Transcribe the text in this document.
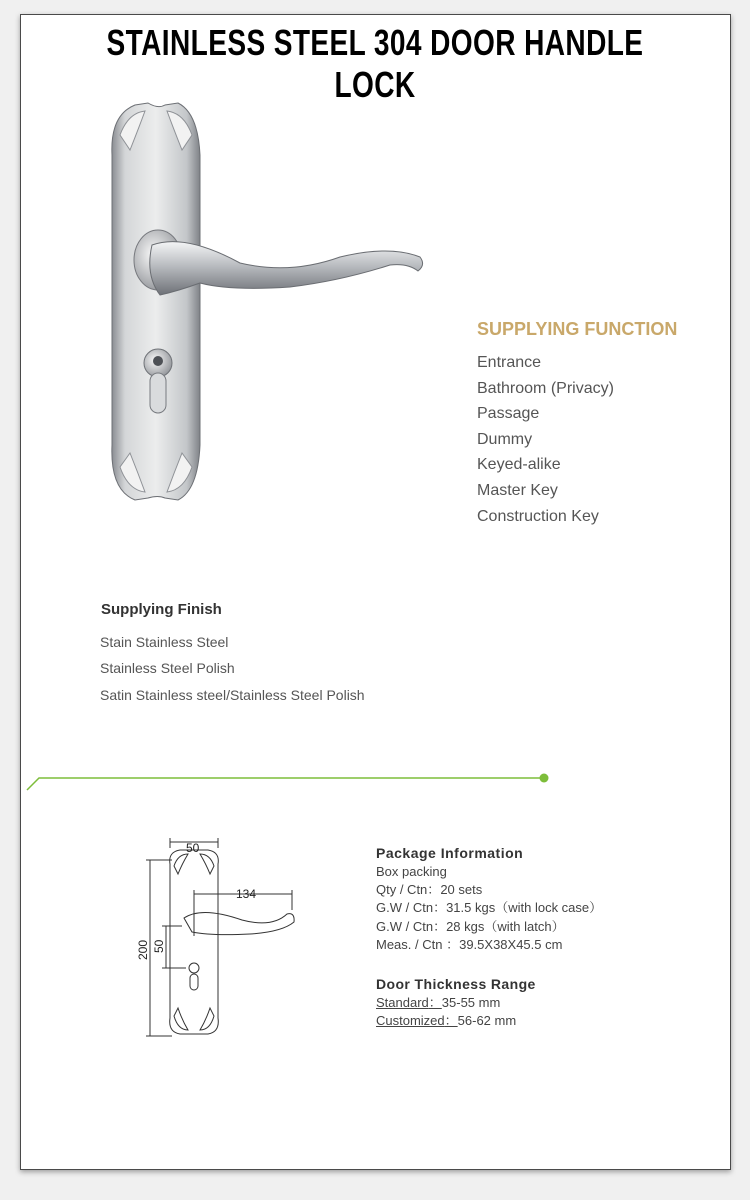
STAINLESS STEEL 304 DOOR HANDLE LOCK
SUPPLYING FUNCTION
Entrance
Bathroom (Privacy)
Passage
Dummy
Keyed-alike
Master Key
Construction Key
Supplying Finish
Stain Stainless Steel
Stainless Steel Polish
Satin Stainless steel/Stainless Steel Polish
50
134
200 50
Package Information
Box packing
Qty / Ctn：20 sets
G.W / Ctn：31.5 kgs（with lock case）
G.W / Ctn：28 kgs（with latch）
Meas. / Ctn ：39.5X38X45.5 cm
Door Thickness Range
Standard：35-55 mm
Customized：56-62 mm
